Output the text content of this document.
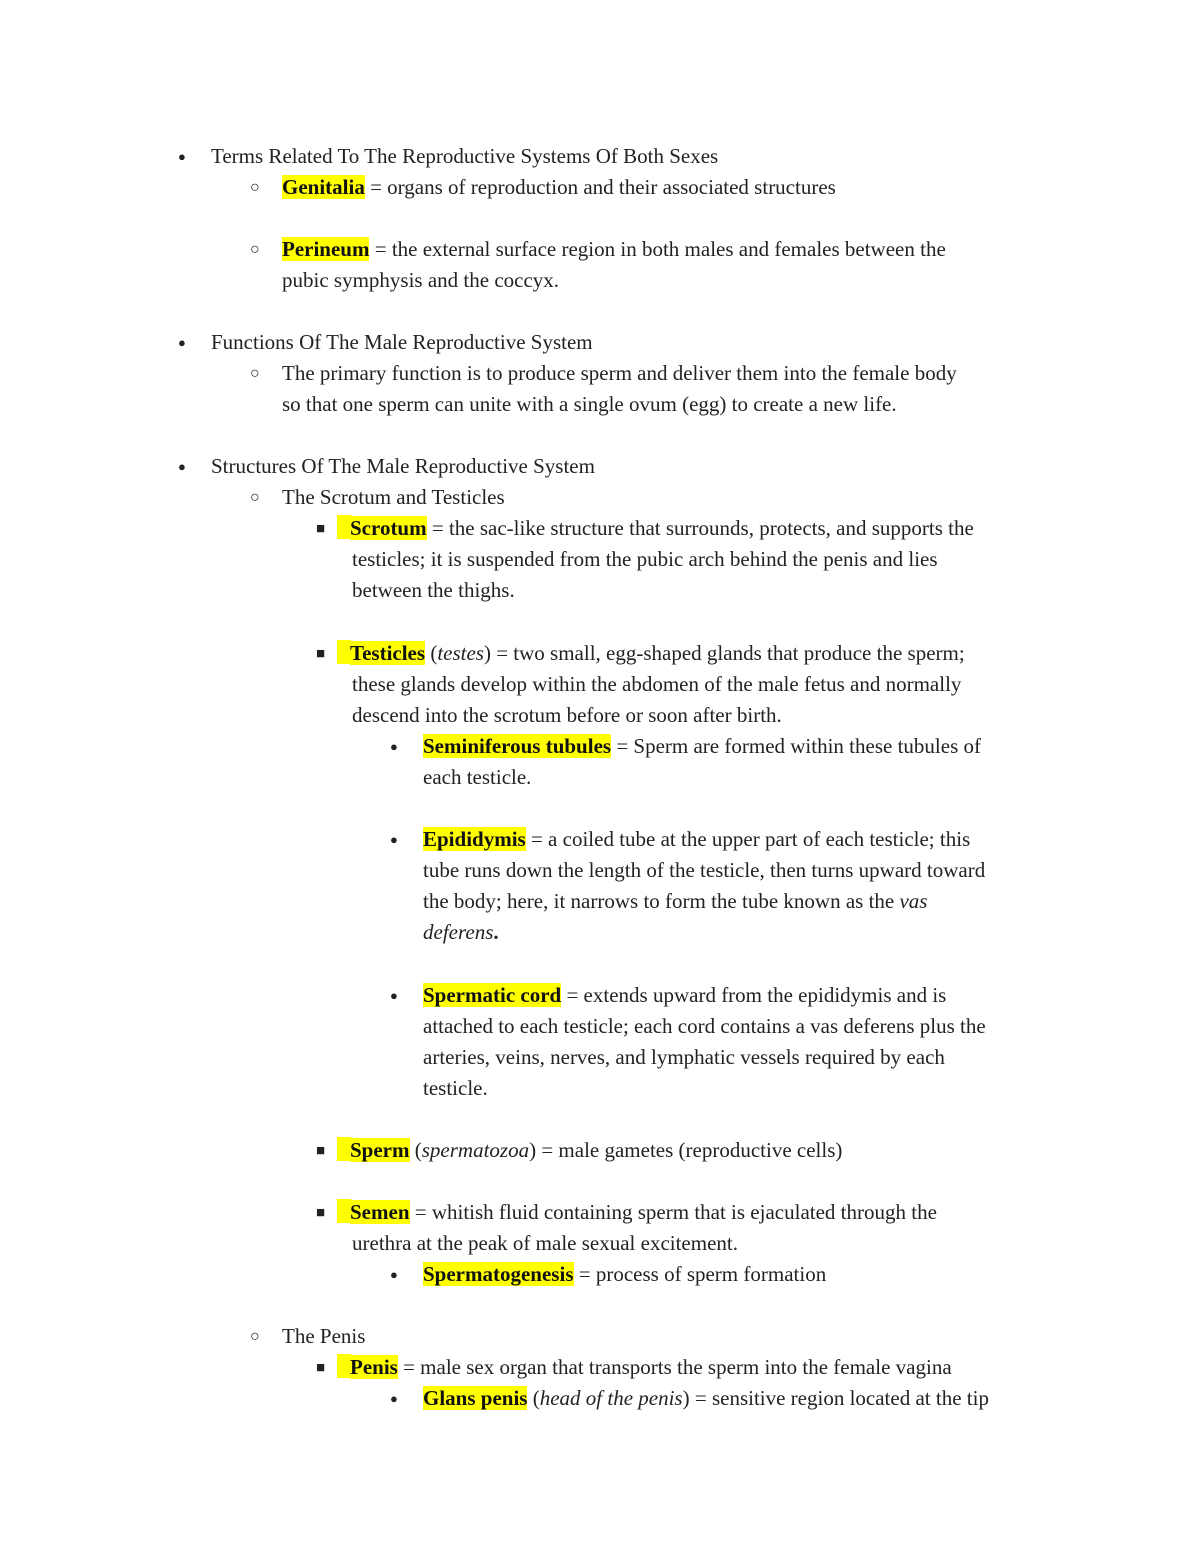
●
Terms Related To The Reproductive Systems Of Both Sexes
○
Genitalia = organs of reproduction and their associated structures
○
Perineum = the external surface region in both males and females between the
pubic symphysis and the coccyx.
●
Functions Of The Male Reproductive System
○
The primary function is to produce sperm and deliver them into the female body
so that one sperm can unite with a single ovum (egg) to create a new life.
●
Structures Of The Male Reproductive System
○
The Scrotum and Testicles
■
Scrotum = the sac-like structure that surrounds, protects, and supports the
testicles; it is suspended from the pubic arch behind the penis and lies
between the thighs.
■
Testicles (testes) = two small, egg-shaped glands that produce the sperm;
these glands develop within the abdomen of the male fetus and normally
descend into the scrotum before or soon after birth.
●
Seminiferous tubules = Sperm are formed within these tubules of
each testicle.
●
Epididymis = a coiled tube at the upper part of each testicle; this
tube runs down the length of the testicle, then turns upward toward
the body; here, it narrows to form the tube known as the vas
deferens.
●
Spermatic cord = extends upward from the epididymis and is
attached to each testicle; each cord contains a vas deferens plus the
arteries, veins, nerves, and lymphatic vessels required by each
testicle.
■
Sperm (spermatozoa) = male gametes (reproductive cells)
■
Semen = whitish fluid containing sperm that is ejaculated through the
urethra at the peak of male sexual excitement.
●
Spermatogenesis = process of sperm formation
○
The Penis
■
Penis = male sex organ that transports the sperm into the female vagina
●
Glans penis (head of the penis) = sensitive region located at the tip
